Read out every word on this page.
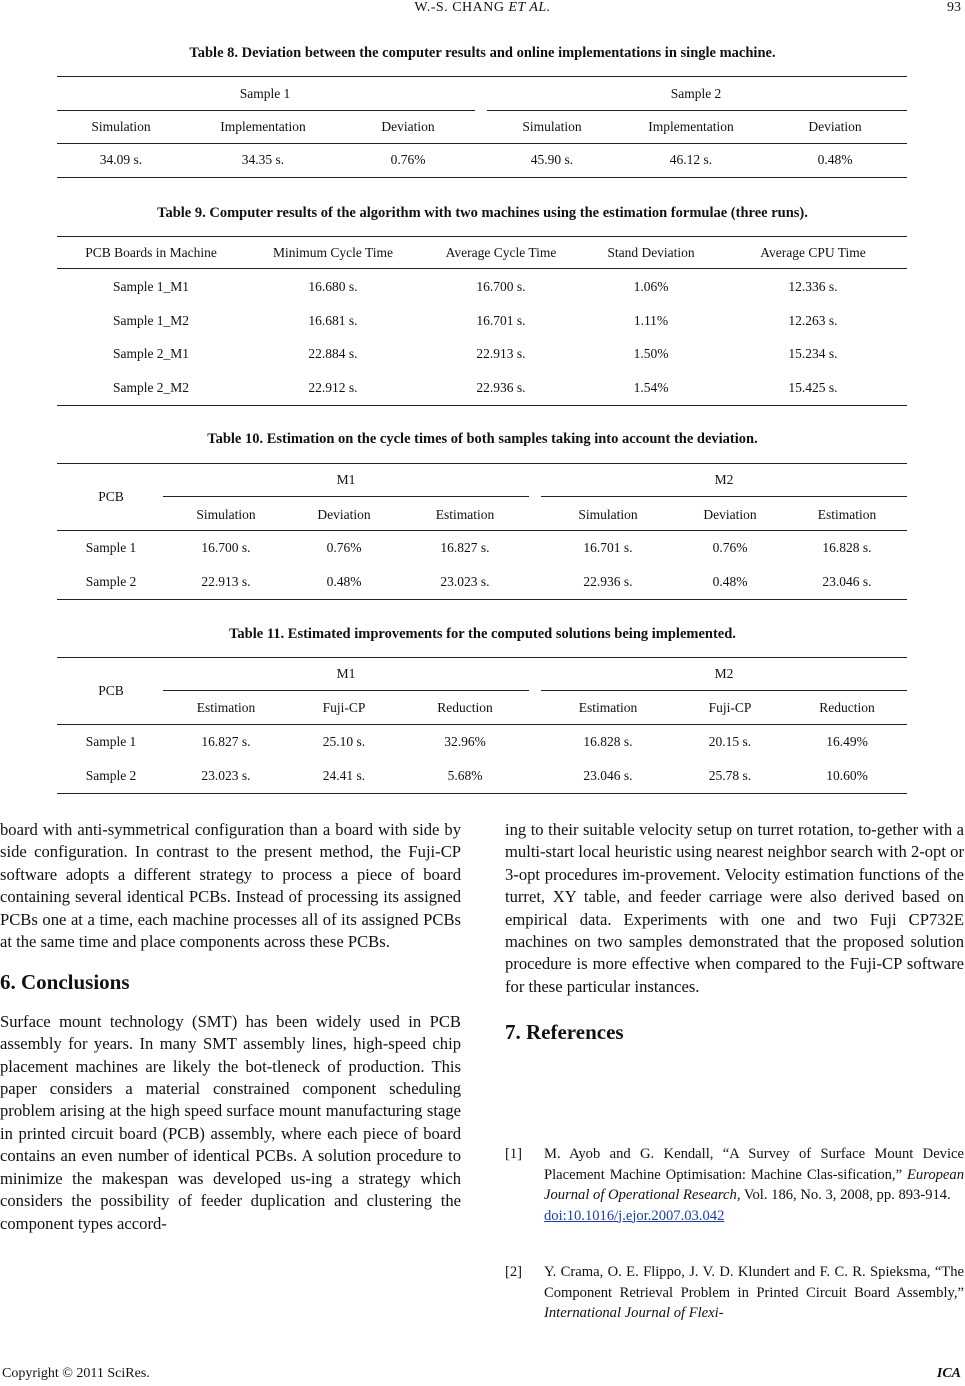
W.-S. CHANG ET AL.	93
Table 8. Deviation between the computer results and online implementations in single machine.
Sample 1	Sample 2
Simulation	Implementation	Deviation	Simulation	Implementation	Deviation
34.09 s.	34.35 s.	0.76%	45.90 s.	46.12 s.	0.48%
Table 9. Computer results of the algorithm with two machines using the estimation formulae (three runs).
PCB Boards in Machine	Minimum Cycle Time	Average Cycle Time	Stand Deviation	Average CPU Time
Sample 1_M1	16.680 s.	16.700 s.	1.06%	12.336 s.
Sample 1_M2	16.681 s.	16.701 s.	1.11%	12.263 s.
Sample 2_M1	22.884 s.	22.913 s.	1.50%	15.234 s.
Sample 2_M2	22.912 s.	22.936 s.	1.54%	15.425 s.
Table 10. Estimation on the cycle times of both samples taking into account the deviation.
PCB
M1	M2
Simulation	Deviation	Estimation	Simulation	Deviation	Estimation
Sample 1	16.700 s.	0.76%	16.827 s.	16.701 s.	0.76%	16.828 s.
Sample 2	22.913 s.	0.48%	23.023 s.	22.936 s.	0.48%	23.046 s.
Table 11. Estimated improvements for the computed solutions being implemented.
PCB
M1	M2
Estimation	Fuji-CP	Reduction	Estimation	Fuji-CP	Reduction
Sample 1	16.827 s.	25.10 s.	32.96%	16.828 s.	20.15 s.	16.49%
Sample 2	23.023 s.	24.41 s.	5.68%	23.046 s.	25.78 s.	10.60%

board with anti-symmetrical configuration than a board with side by side configuration. In contrast to the present method, the Fuji-CP software adopts a different strategy to process a piece of board containing several identical PCBs. Instead of processing its assigned PCBs one at a time, each machine processes all of its assigned PCBs at the same time and place components across these PCBs.

6. Conclusions

Surface mount technology (SMT) has been widely used in PCB assembly for years. In many SMT assembly lines, high-speed chip placement machines are likely the bot-tleneck of production. This paper considers a material constrained component scheduling problem arising at the high speed surface mount manufacturing stage in printed circuit board (PCB) assembly, where each piece of board contains an even number of identical PCBs. A solution procedure to minimize the makespan was developed us-ing a strategy which considers the possibility of feeder duplication and clustering the component types accord-

ing to their suitable velocity setup on turret rotation, to-gether with a multi-start local heuristic using nearest neighbor search with 2-opt or 3-opt procedures im-provement. Velocity estimation functions of the turret, XY table, and feeder carriage were also derived based on empirical data. Experiments with one and two Fuji CP732E machines on two samples demonstrated that the proposed solution procedure is more effective when compared to the Fuji-CP software for these particular instances.

7. References
[1] M. Ayob and G. Kendall, “A Survey of Surface Mount Device Placement Machine Optimisation: Machine Clas-sification,” European Journal of Operational Research, Vol. 186, No. 3, 2008, pp. 893-914.
doi:10.1016/j.ejor.2007.03.042
[2] Y. Crama, O. E. Flippo, J. V. D. Klundert and F. C. R. Spieksma, “The Component Retrieval Problem in Printed Circuit Board Assembly,” International Journal of Flexi-
Copyright © 2011 SciRes.	ICA
